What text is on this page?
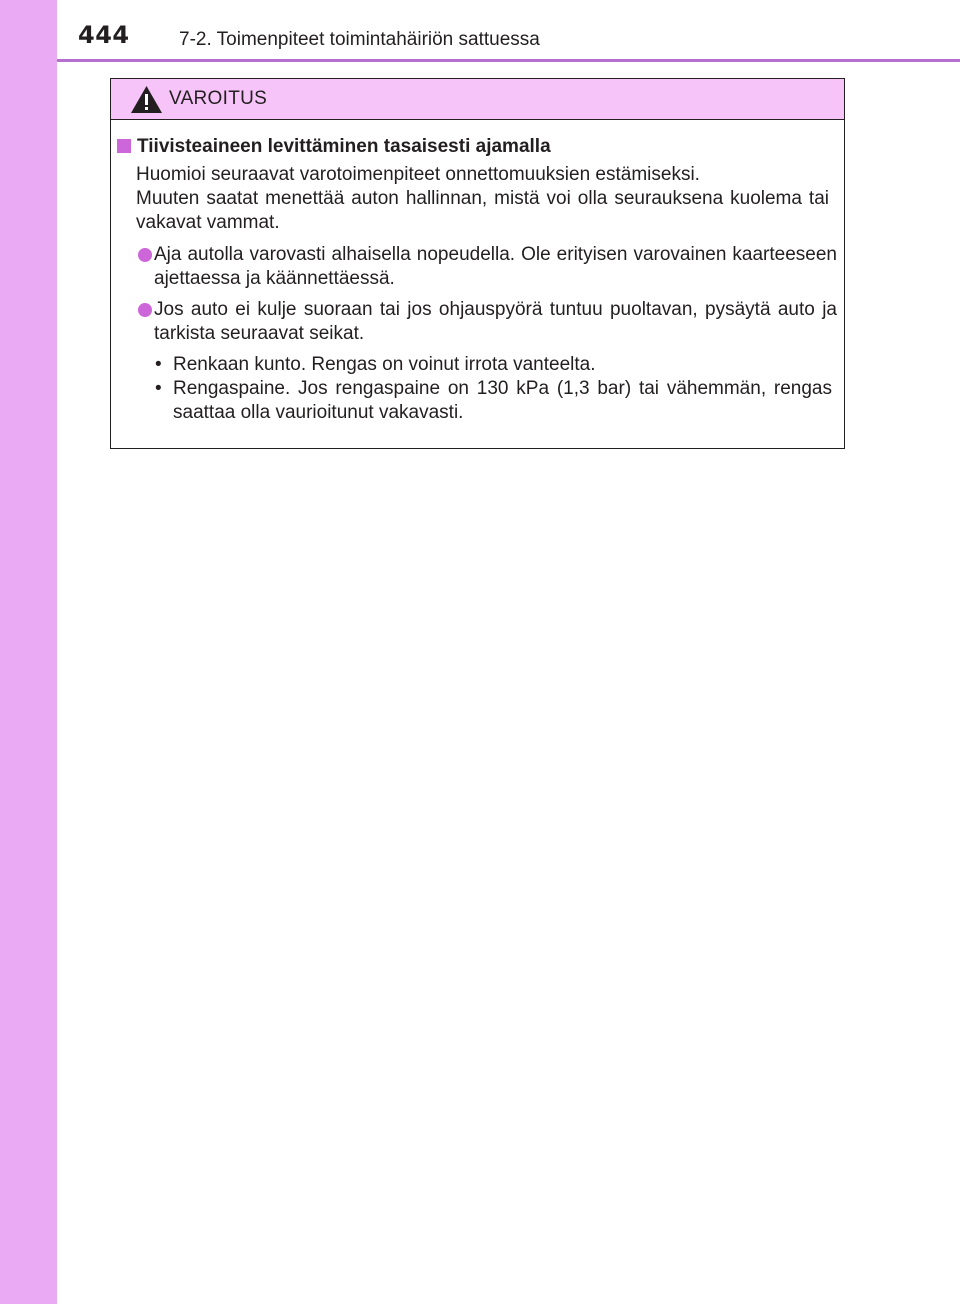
444	7-2. Toimenpiteet toimintahäiriön sattuessa
VAROITUS
Tiivisteaineen levittäminen tasaisesti ajamalla

Huomioi seuraavat varotoimenpiteet onnettomuuksien estämiseksi.

Muuten saatat menettää auton hallinnan, mistä voi olla seurauksena kuolema tai vakavat vammat.

Aja autolla varovasti alhaisella nopeudella. Ole erityisen varovainen kaarteeseen ajettaessa ja käännettäessä.
Jos auto ei kulje suoraan tai jos ohjauspyörä tuntuu puoltavan, pysäytä auto ja tarkista seuraavat seikat.
• Renkaan kunto. Rengas on voinut irrota vanteelta.
• Rengaspaine. Jos rengaspaine on 130 kPa (1,3 bar) tai vähemmän, rengas saattaa olla vaurioitunut vakavasti.
